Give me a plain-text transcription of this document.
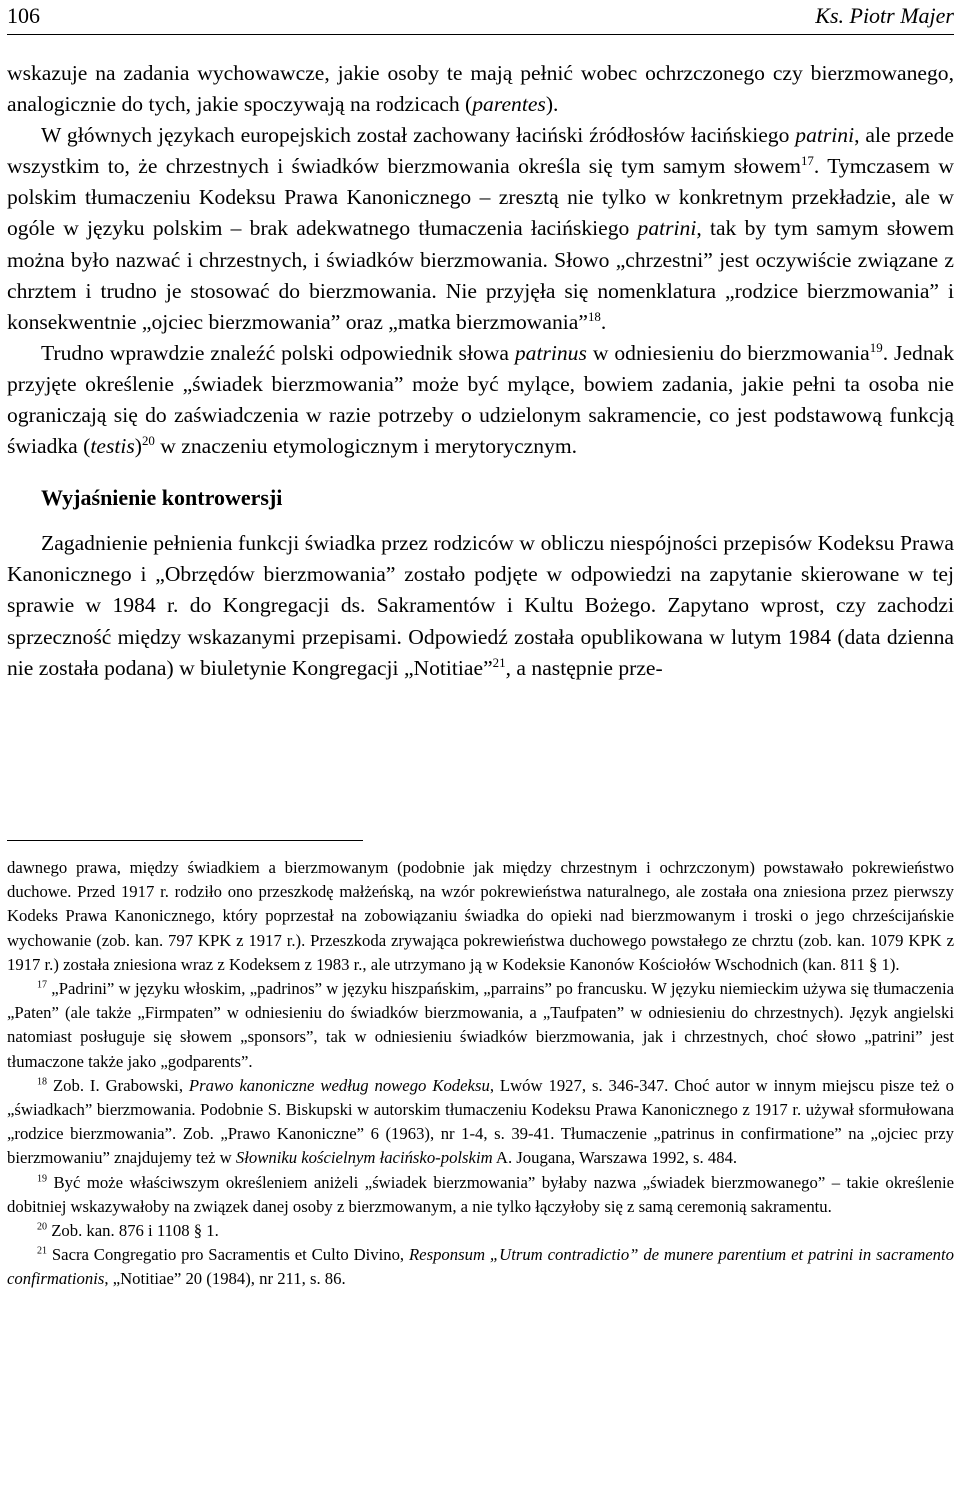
106	Ks. Piotr Majer

wskazuje na zadania wychowawcze, jakie osoby te mają pełnić wobec ochrzczonego czy bierzmowanego, analogicznie do tych, jakie spoczywają na rodzicach (parentes).

W głównych językach europejskich został zachowany łaciński źródłosłów łacińskiego patrini, ale przede wszystkim to, że chrzestnych i świadków bierzmowania określa się tym samym słowem$^{17}$. Tymczasem w polskim tłumaczeniu Kodeksu Prawa Kanonicznego – zresztą nie tylko w konkretnym przekładzie, ale w ogóle w języku polskim – brak adekwatnego tłumaczenia łacińskiego patrini, tak by tym samym słowem można było nazwać i chrzestnych, i świadków bierzmowania. Słowo „chrzestni” jest oczywiście związane z chrztem i trudno je stosować do bierzmowania. Nie przyjęła się nomenklatura „rodzice bierzmowania” i konsekwentnie „ojciec bierzmowania” oraz „matka bierzmowania”$^{18}$.

Trudno wprawdzie znaleźć polski odpowiednik słowa patrinus w odniesieniu do bierzmowania$^{19}$. Jednak przyjęte określenie „świadek bierzmowania” może być mylące, bowiem zadania, jakie pełni ta osoba nie ograniczają się do zaświadczenia w razie potrzeby o udzielonym sakramencie, co jest podstawową funkcją świadka (testis)$^{20}$ w znaczeniu etymologicznym i merytorycznym.

Wyjaśnienie kontrowersji

Zagadnienie pełnienia funkcji świadka przez rodziców w obliczu niespójności przepisów Kodeksu Prawa Kanonicznego i „Obrzędów bierzmowania” zostało podjęte w odpowiedzi na zapytanie skierowane w tej sprawie w 1984 r. do Kongregacji ds. Sakramentów i Kultu Bożego. Zapytano wprost, czy zachodzi sprzeczność między wskazanymi przepisami. Odpowiedź została opublikowana w lutym 1984 (data dzienna nie została podana) w biuletynie Kongregacji „Notitiae”$^{21}$, a następnie prze-

dawnego prawa, między świadkiem a bierzmowanym (podobnie jak między chrzestnym i ochrzczonym) powstawało pokrewieństwo duchowe. Przed 1917 r. rodziło ono przeszkodę małżeńską, na wzór pokrewieństwa naturalnego, ale została ona zniesiona przez pierwszy Kodeks Prawa Kanonicznego, który poprzestał na zobowiązaniu świadka do opieki nad bierzmowanym i troski o jego chrześcijańskie wychowanie (zob. kan. 797 KPK z 1917 r.). Przeszkoda zrywająca pokrewieństwa duchowego powstałego ze chrztu (zob. kan. 1079 KPK z 1917 r.) została zniesiona wraz z Kodeksem z 1983 r., ale utrzymano ją w Kodeksie Kanonów Kościołów Wschodnich (kan. 811 § 1).

$^{17}$ „Padrini” w języku włoskim, „padrinos” w języku hiszpańskim, „parrains” po francusku. W języku niemieckim używa się tłumaczenia „Paten” (ale także „Firmpaten” w odniesieniu do świadków bierzmowania, a „Taufpaten” w odniesieniu do chrzestnych). Język angielski natomiast posługuje się słowem „sponsors”, tak w odniesieniu świadków bierzmowania, jak i chrzestnych, choć słowo „patrini” jest tłumaczone także jako „godparents”.

$^{18}$ Zob. I. Grabowski, Prawo kanoniczne według nowego Kodeksu, Lwów 1927, s. 346-347. Choć autor w innym miejscu pisze też o „świadkach” bierzmowania. Podobnie S. Biskupski w autorskim tłumaczeniu Kodeksu Prawa Kanonicznego z 1917 r. używał sformułowana „rodzice bierzmowania”. Zob. „Prawo Kanoniczne” 6 (1963), nr 1-4, s. 39-41. Tłumaczenie „patrinus in confirmatione” na „ojciec przy bierzmowaniu” znajdujemy też w Słowniku kościelnym łacińsko-polskim A. Jougana, Warszawa 1992, s. 484.

$^{19}$ Być może właściwszym określeniem aniżeli „świadek bierzmowania” byłaby nazwa „świadek bierzmowanego” – takie określenie dobitniej wskazywałoby na związek danej osoby z bierzmowanym, a nie tylko łączyłoby się z samą ceremonią sakramentu.

$^{20}$ Zob. kan. 876 i 1108 § 1.

$^{21}$ Sacra Congregatio pro Sacramentis et Culto Divino, Responsum „Utrum contradictio” de munere parentium et patrini in sacramento confirmationis, „Notitiae” 20 (1984), nr 211, s. 86.
